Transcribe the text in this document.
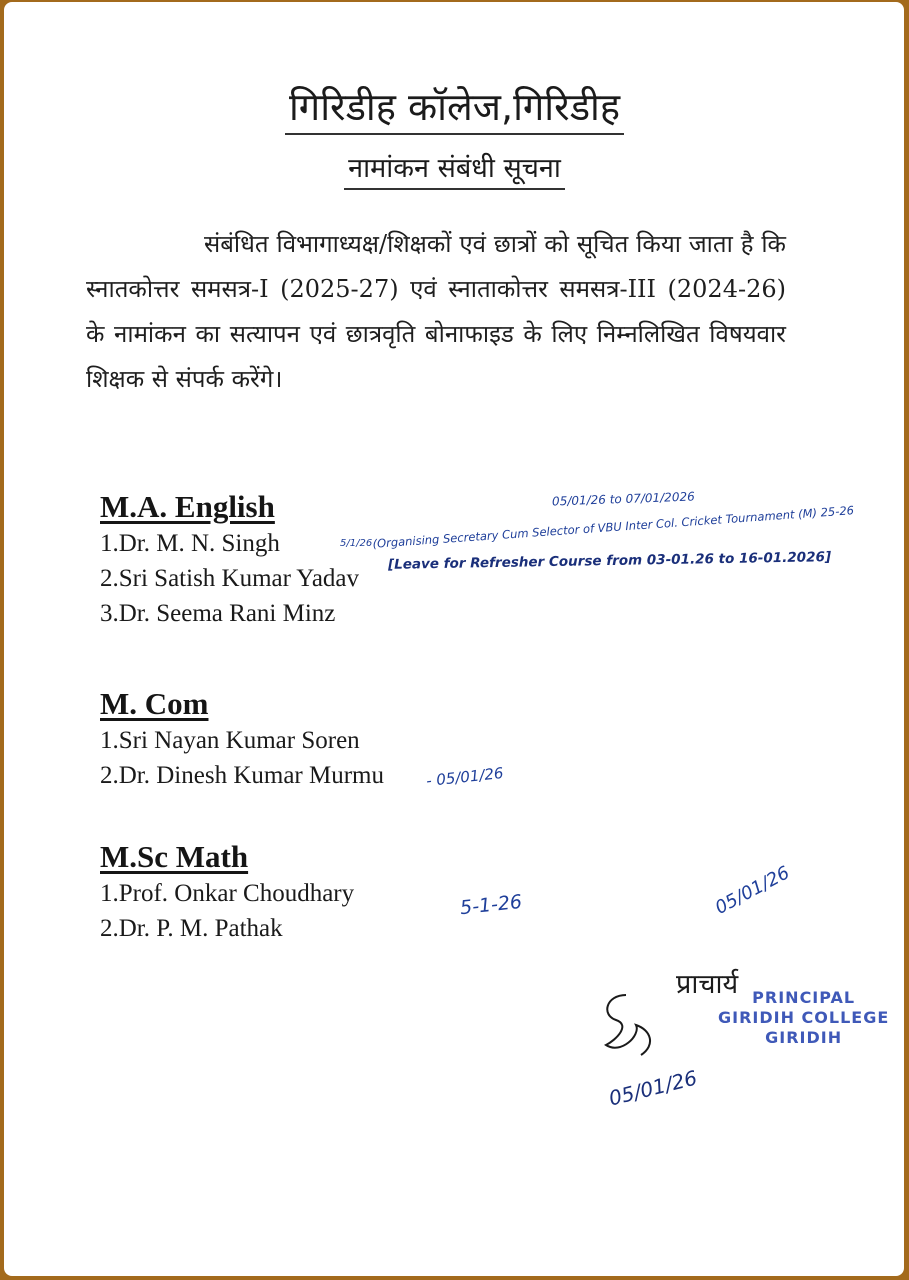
गिरिडीह कॉलेज,गिरिडीह
नामांकन संबंधी सूचना
संबंधित विभागाध्यक्ष/शिक्षकों एवं छात्रों को सूचित किया जाता है कि स्नातकोत्तर समसत्र-I (2025-27) एवं स्नाताकोत्तर समसत्र-III (2024-26) के नामांकन का सत्यापन एवं छात्रवृति बोनाफाइड के लिए निम्नलिखित विषयवार शिक्षक से संपर्क करेंगे।
M.A. English
1.Dr. M. N. Singh
2.Sri Satish Kumar Yadav
3.Dr. Seema Rani Minz
M. Com
1.Sri Nayan Kumar Soren
2.Dr. Dinesh Kumar Murmu
M.Sc Math
1.Prof. Onkar Choudhary
2.Dr. P. M. Pathak
05/01/26 to 07/01/2026
(Organising Secretary Cum Selector of VBU Inter Col. Cricket Tournament (M) 25-26
5/1/26
[Leave for Refresher Course from 03-01.26 to 16-01.2026]
- 05/01/26
5-1-26	05/01/26
प्राचार्य PRINCIPAL
GIRIDIH COLLEGE
GIRIDIH
05/01/26
